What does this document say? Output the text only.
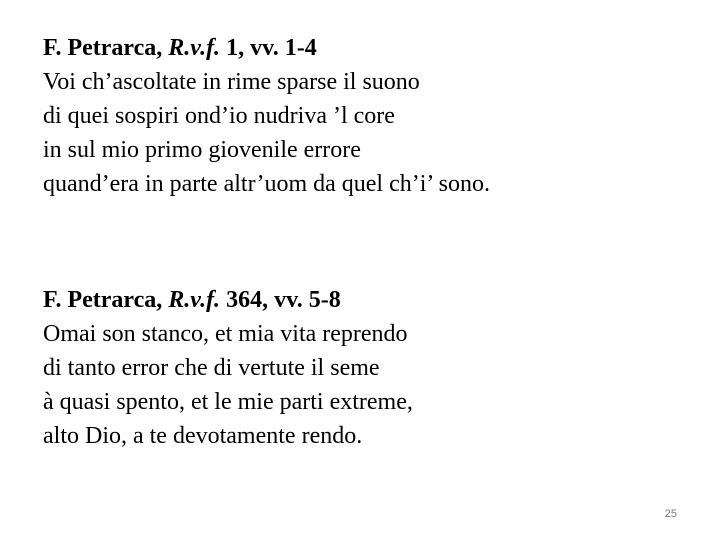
F. Petrarca, R.v.f. 1, vv. 1-4
Voi ch’ascoltate in rime sparse il suono
di quei sospiri ond’io nudriva ’l core
in sul mio primo giovenile errore
quand’era in parte altr’uom da quel ch’i’ sono.
F. Petrarca, R.v.f. 364, vv. 5-8
Omai son stanco, et mia vita reprendo
di tanto error che di vertute il seme
à quasi spento, et le mie parti extreme,
alto Dio, a te devotamente rendo.
25
